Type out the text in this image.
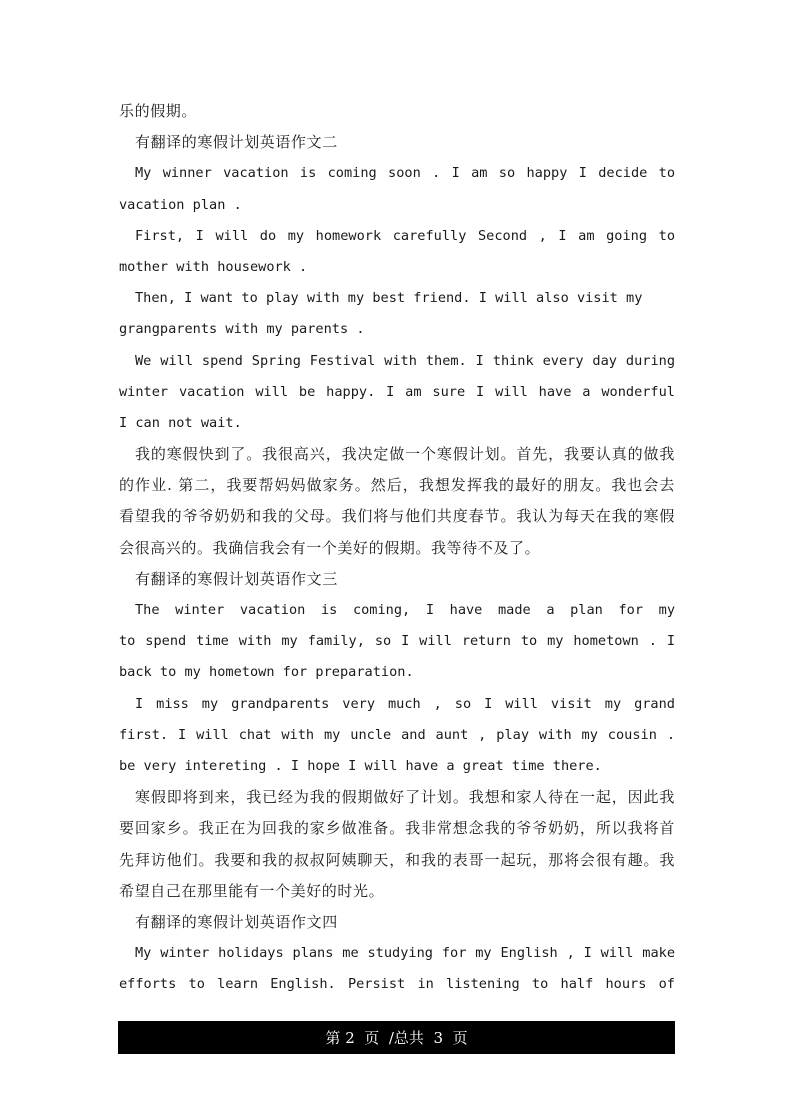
乐的假期。
有翻译的寒假计划英语作文二
My winner vacation is coming soon . I am so happy I decide to
vacation plan .
First, I will do my homework carefully Second , I am going to
mother with housework .
Then, I want to play with my best friend. I will also visit my
grangparents with my parents .
We will spend Spring Festival with them. I think every day during
winter vacation will be happy. I am sure I will have a wonderful
I can not wait.
我的寒假快到了。我很高兴，我决定做一个寒假计划。首先，我要认真的做我
的作业. 第二，我要帮妈妈做家务。然后，我想发挥我的最好的朋友。我也会去
看望我的爷爷奶奶和我的父母。我们将与他们共度春节。我认为每天在我的寒假
会很高兴的。我确信我会有一个美好的假期。我等待不及了。
有翻译的寒假计划英语作文三
The winter vacation is coming, I have made a plan for my
to spend time with my family, so I will return to my hometown . I
back to my hometown for preparation.
I miss my grandparents very much , so I will visit my grand
first. I will chat with my uncle and aunt , play with my cousin .
be very intereting . I hope I will have a great time there.
寒假即将到来，我已经为我的假期做好了计划。我想和家人待在一起，因此我
要回家乡。我正在为回我的家乡做准备。我非常想念我的爷爷奶奶，所以我将首
先拜访他们。我要和我的叔叔阿姨聊天，和我的表哥一起玩，那将会很有趣。我
希望自己在那里能有一个美好的时光。
有翻译的寒假计划英语作文四
My winter holidays plans me studying for my English , I will make
efforts to learn English. Persist in listening to half hours of
第
2
页
/ 总共
3
页
